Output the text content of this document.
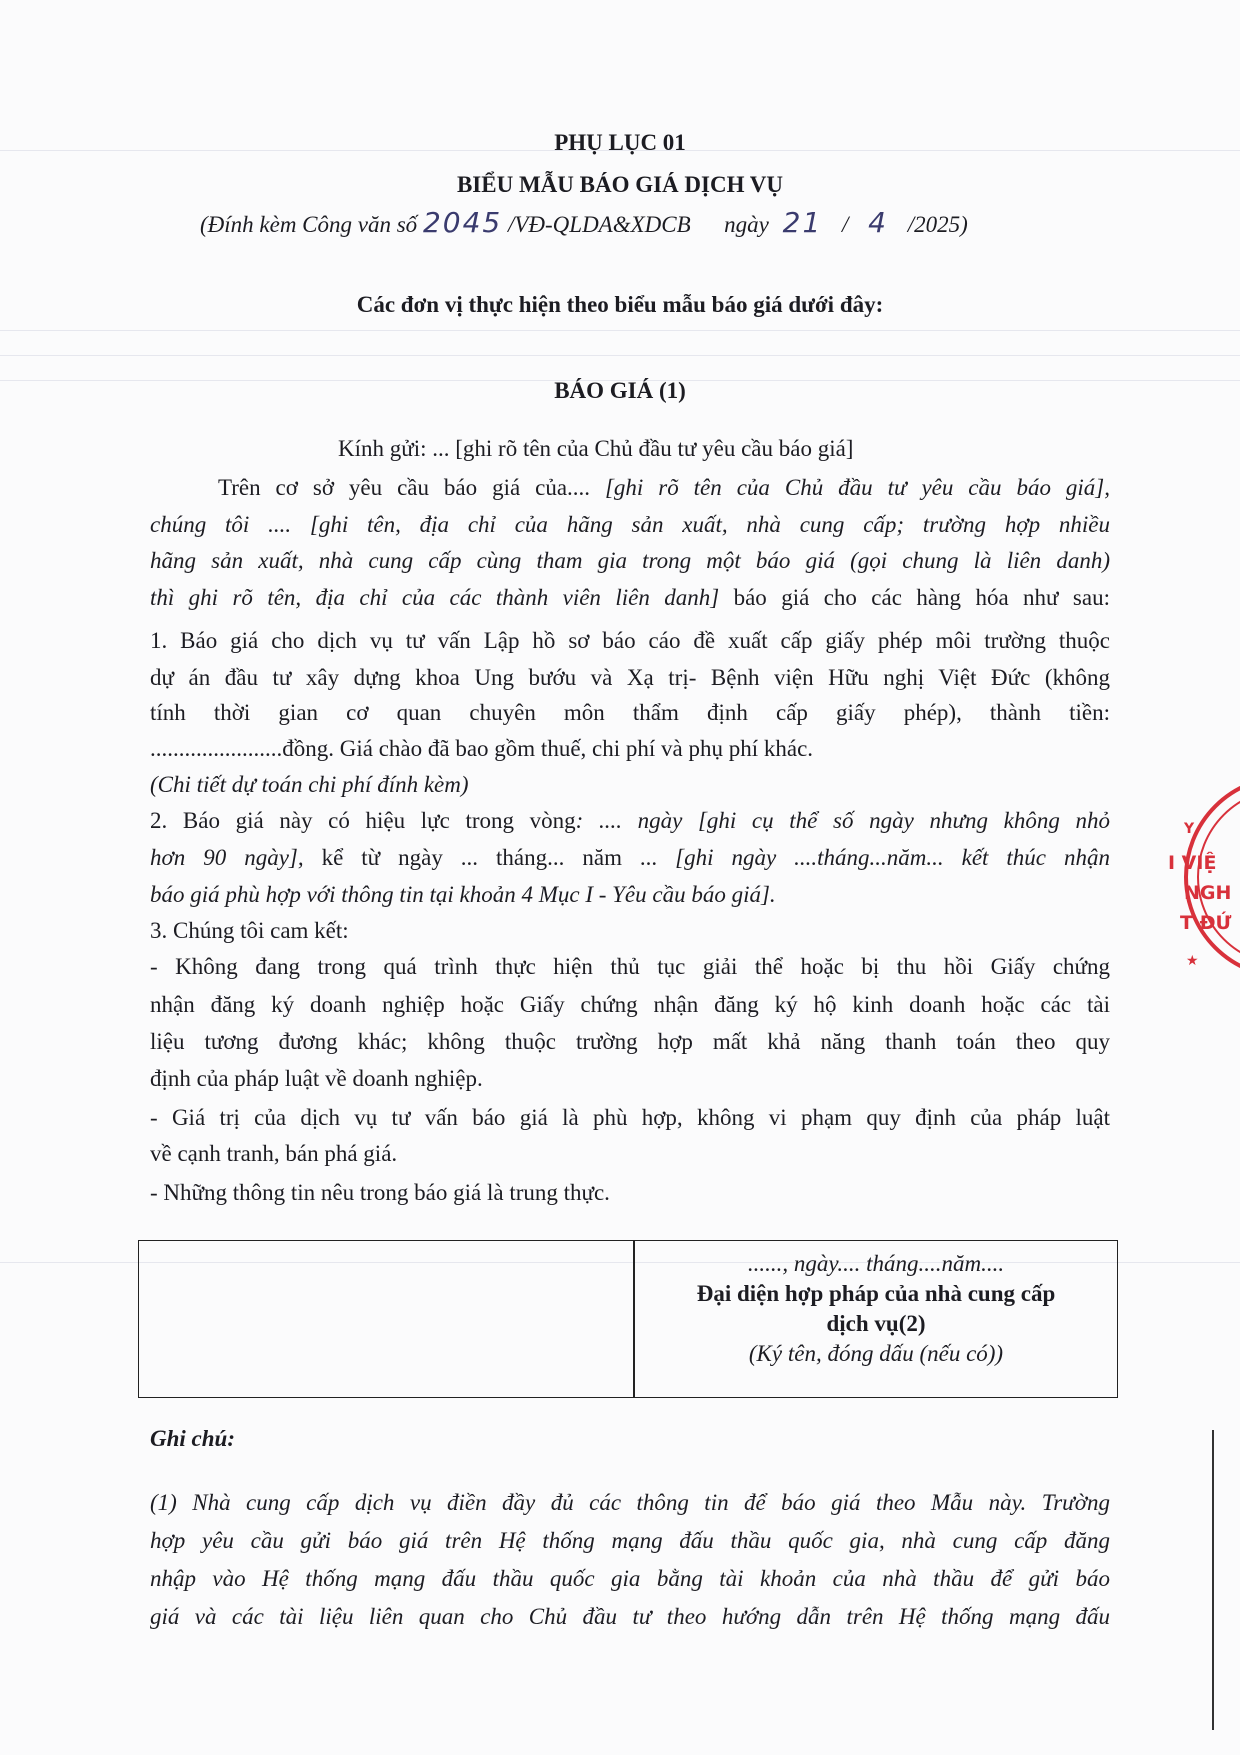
PHỤ LỤC 01
BIỂU MẪU BÁO GIÁ DỊCH VỤ
(Đính kèm Công văn số 2045 /VĐ-QLDA&XDCB ngày 21 / 4 /2025)
Các đơn vị thực hiện theo biểu mẫu báo giá dưới đây:
BÁO GIÁ (1)
Kính gửi: ... [ghi rõ tên của Chủ đầu tư yêu cầu báo giá]
Trên cơ sở yêu cầu báo giá của.... [ghi rõ tên của Chủ đầu tư yêu cầu báo giá],
chúng tôi .... [ghi tên, địa chỉ của hãng sản xuất, nhà cung cấp; trường hợp nhiều
hãng sản xuất, nhà cung cấp cùng tham gia trong một báo giá (gọi chung là liên danh)
thì ghi rõ tên, địa chỉ của các thành viên liên danh] báo giá cho các hàng hóa như sau:
1. Báo giá cho dịch vụ tư vấn Lập hồ sơ báo cáo đề xuất cấp giấy phép môi trường thuộc
dự án đầu tư xây dựng khoa Ung bướu và Xạ trị- Bệnh viện Hữu nghị Việt Đức (không
tính thời gian cơ quan chuyên môn thẩm định cấp giấy phép), thành tiền:
.......................đồng. Giá chào đã bao gồm thuế, chi phí và phụ phí khác.
(Chi tiết dự toán chi phí đính kèm)
2. Báo giá này có hiệu lực trong vòng: .... ngày [ghi cụ thể số ngày nhưng không nhỏ
hơn 90 ngày], kể từ ngày ... tháng... năm ... [ghi ngày ....tháng...năm... kết thúc nhận
báo giá phù hợp với thông tin tại khoản 4 Mục I - Yêu cầu báo giá].
3. Chúng tôi cam kết:
- Không đang trong quá trình thực hiện thủ tục giải thể hoặc bị thu hồi Giấy chứng
nhận đăng ký doanh nghiệp hoặc Giấy chứng nhận đăng ký hộ kinh doanh hoặc các tài
liệu tương đương khác; không thuộc trường hợp mất khả năng thanh toán theo quy
định của pháp luật về doanh nghiệp.
- Giá trị của dịch vụ tư vấn báo giá là phù hợp, không vi phạm quy định của pháp luật
về cạnh tranh, bán phá giá.
- Những thông tin nêu trong báo giá là trung thực.
......, ngày.... tháng....năm....
Đại diện hợp pháp của nhà cung cấp
dịch vụ(2)
(Ký tên, đóng dấu (nếu có))
Ghi chú:
(1) Nhà cung cấp dịch vụ điền đầy đủ các thông tin để báo giá theo Mẫu này. Trường
hợp yêu cầu gửi báo giá trên Hệ thống mạng đấu thầu quốc gia, nhà cung cấp đăng
nhập vào Hệ thống mạng đấu thầu quốc gia bằng tài khoản của nhà thầu để gửi báo
giá và các tài liệu liên quan cho Chủ đầu tư theo hướng dẫn trên Hệ thống mạng đấu
Y
I VIỆ
NGH
T ĐỨ
★
